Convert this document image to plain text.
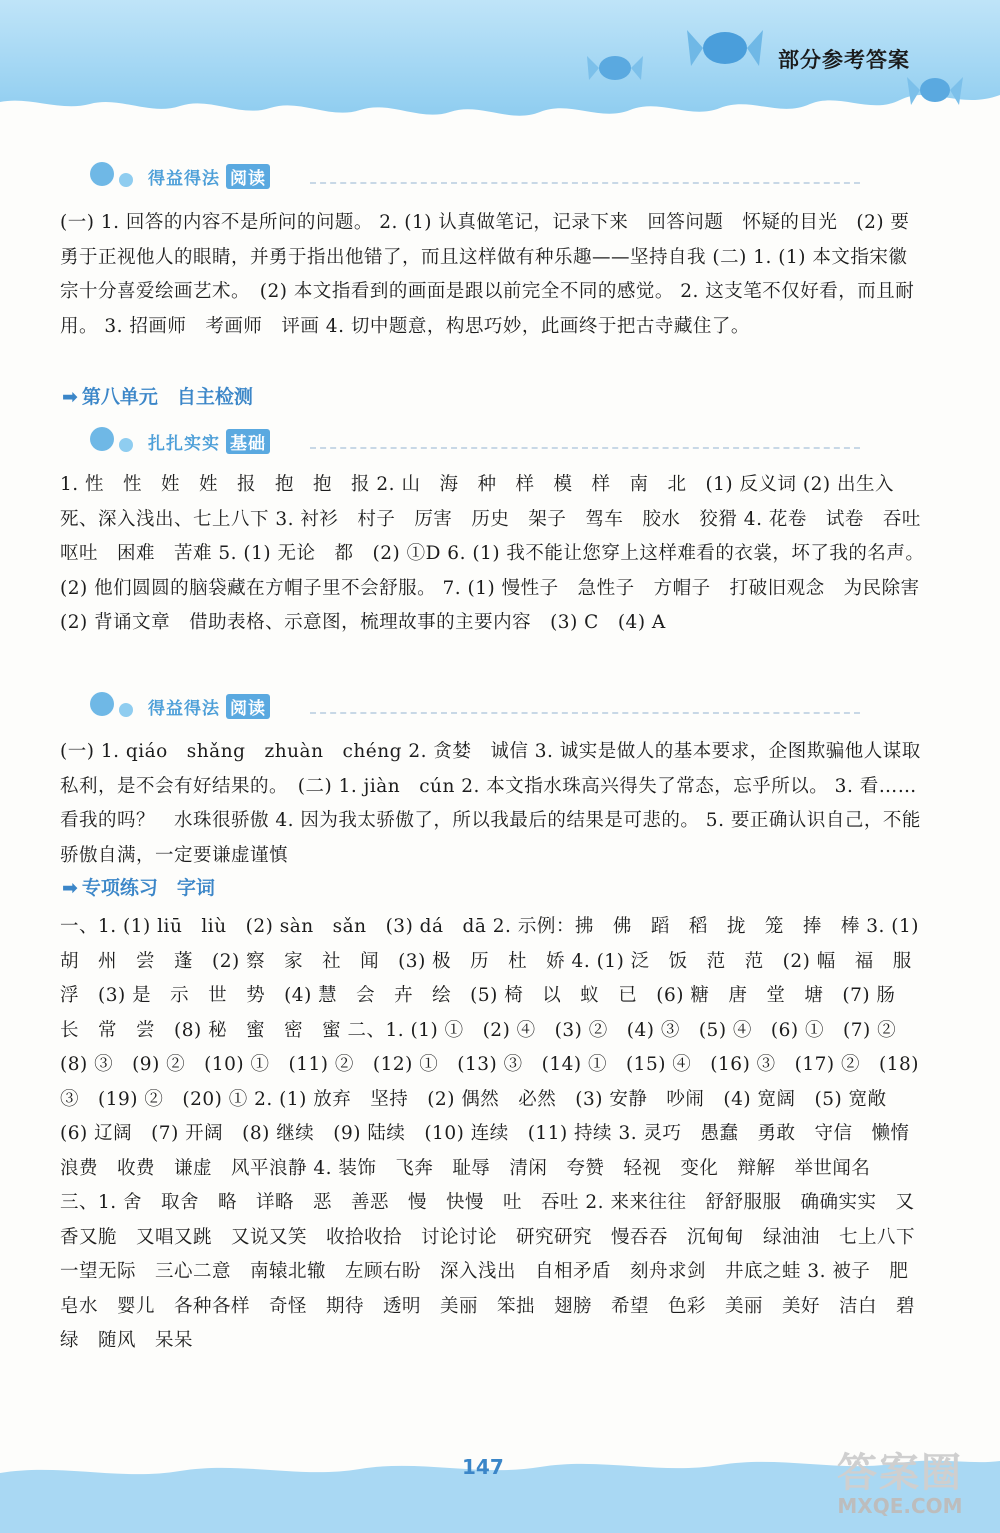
部分参考答案
得益得法 阅读
(一) 1. 回答的内容不是所问的问题。 2. (1) 认真做笔记，记录下来　回答问题　怀疑的目光　(2) 要勇于正视他人的眼睛，并勇于指出他错了，而且这样做有种乐趣——坚持自我 (二) 1. (1) 本文指宋徽宗十分喜爱绘画艺术。　(2) 本文指看到的画面是跟以前完全不同的感觉。 2. 这支笔不仅好看，而且耐用。 3. 招画师　考画师　评画 4. 切中题意，构思巧妙，此画终于把古寺藏住了。
➡ 第八单元　自主检测
扎扎实实 基础
1. 性　性　姓　姓　报　抱　抱　报 2. 山　海　种　样　模　样　南　北　(1) 反义词 (2) 出生入死、深入浅出、七上八下 3. 衬衫　村子　厉害　历史　架子　驾车　胶水　狡猾 4. 花卷　试卷　吞吐　呕吐　困难　苦难 5. (1) 无论　都　(2) ①D 6. (1) 我不能让您穿上这样难看的衣裳，坏了我的名声。　(2) 他们圆圆的脑袋藏在方帽子里不会舒服。 7. (1) 慢性子　急性子　方帽子　打破旧观念　为民除害　(2) 背诵文章　借助表格、示意图，梳理故事的主要内容　(3) C　(4) A
得益得法 阅读
(一) 1. qiáo　shǎng　zhuàn　chéng 2. 贪婪　诚信 3. 诚实是做人的基本要求，企图欺骗他人谋取私利，是不会有好结果的。　(二) 1. jiàn　cún 2. 本文指水珠高兴得失了常态，忘乎所以。 3. 看……看我的吗？　水珠很骄傲 4. 因为我太骄傲了，所以我最后的结果是可悲的。 5. 要正确认识自己，不能骄傲自满，一定要谦虚谨慎
➡ 专项练习　字词
一、1. (1) liū　liù　(2) sàn　sǎn　(3) dá　dā 2. 示例：拂　佛　蹈　稻　拢　笼　捧　棒 3. (1) 胡　州　尝　蓬　(2) 察　家　社　闻　(3) 极　历　杜　娇 4. (1) 泛　饭　范　范　(2) 幅　福　服　浮　(3) 是　示　世　势　(4) 慧　会　卉　绘　(5) 椅　以　蚁　已　(6) 糖　唐　堂　塘　(7) 肠　长　常　尝　(8) 秘　蜜　密　蜜 二、1. (1) ①　(2) ④　(3) ②　(4) ③　(5) ④　(6) ①　(7) ②　(8) ③　(9) ②　(10) ①　(11) ②　(12) ①　(13) ③　(14) ①　(15) ④　(16) ③　(17) ②　(18) ③　(19) ②　(20) ① 2. (1) 放弃　坚持　(2) 偶然　必然　(3) 安静　吵闹　(4) 宽阔　(5) 宽敞　(6) 辽阔　(7) 开阔　(8) 继续　(9) 陆续　(10) 连续　(11) 持续 3. 灵巧　愚蠢　勇敢　守信　懒惰　浪费　收费　谦虚　风平浪静 4. 装饰　飞奔　耻辱　清闲　夸赞　轻视　变化　辩解　举世闻名　三、1. 舍　取舍　略　详略　恶　善恶　慢　快慢　吐　吞吐 2. 来来往往　舒舒服服　确确实实　又香又脆　又唱又跳　又说又笑　收拾收拾　讨论讨论　研究研究　慢吞吞　沉甸甸　绿油油　七上八下　一望无际　三心二意　南辕北辙　左顾右盼　深入浅出　自相矛盾　刻舟求剑　井底之蛙 3. 被子　肥皂水　婴儿　各种各样　奇怪　期待　透明　美丽　笨拙　翅膀　希望　色彩　美丽　美好　洁白　碧绿　随风　呆呆
147	答案圈
MXQE.COM
